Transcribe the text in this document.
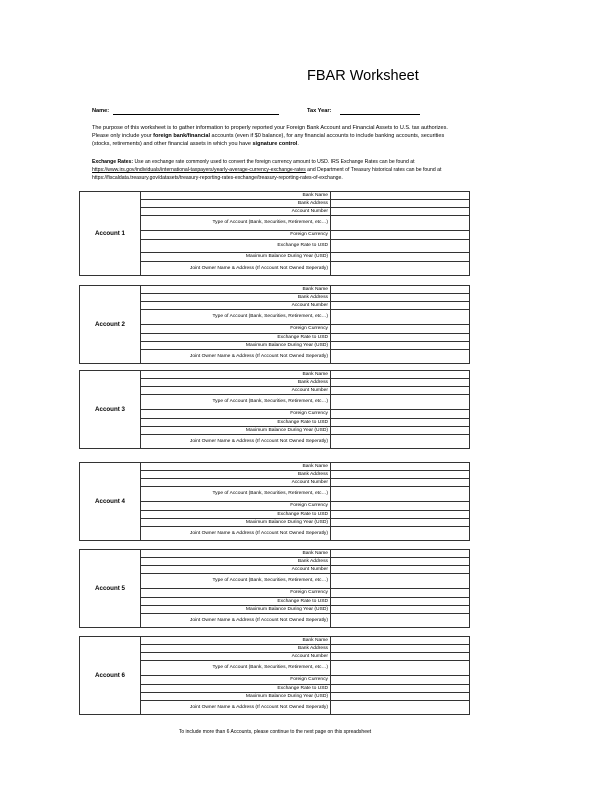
FBAR Worksheet
Name:	Tax Year:
The purpose of this worksheet is to gather information to properly reported your Foreign Bank Account and Financial Assets to U.S. tax authorizes. Please only include your foreign bank/financial accounts (even if $0 balance), for any financial accounts to include banking accounts, securities (stocks, retirements) and other financial assets in which you have signature control.
Exchange Rates: Use an exchange rate commonly used to convert the foreign currency amount to USD. IRS Exchange Rates can be found at https://www.irs.gov/individuals/international-taxpayers/yearly-average-currency-exchange-rates and Department of Treasury historical rates can be found at https://fiscaldata.treasury.gov/datasets/treasury-reporting-rates-exchange/treasury-reporting-rates-of-exchange.
Account 1
Bank Name
Bank Address
Account Number
Type of Account (Bank, Securities, Retirement, etc…)
Foreign Currency
Exchange Rate to USD
Maximum Balance During Year (USD)
Joint Owner Name & Address (If Account Not Owned Seperatly)
Account 2
Bank Name
Bank Address
Account Number
Type of Account (Bank, Securities, Retirement, etc…)
Foreign Currency
Exchange Rate to USD
Maximum Balance During Year (USD)
Joint Owner Name & Address (If Account Not Owned Seperatly)
Account 3
Bank Name
Bank Address
Account Number
Type of Account (Bank, Securities, Retirement, etc…)
Foreign Currency
Exchange Rate to USD
Maximum Balance During Year (USD)
Joint Owner Name & Address (If Account Not Owned Seperatly)
Account 4
Bank Name
Bank Address
Account Number
Type of Account (Bank, Securities, Retirement, etc…)
Foreign Currency
Exchange Rate to USD
Maximum Balance During Year (USD)
Joint Owner Name & Address (If Account Not Owned Seperatly)
Account 5
Bank Name
Bank Address
Account Number
Type of Account (Bank, Securities, Retirement, etc…)
Foreign Currency
Exchange Rate to USD
Maximum Balance During Year (USD)
Joint Owner Name & Address (If Account Not Owned Seperatly)
Account 6
Bank Name
Bank Address
Account Number
Type of Account (Bank, Securities, Retirement, etc…)
Foreign Currency
Exchange Rate to USD
Maximum Balance During Year (USD)
Joint Owner Name & Address (If Account Not Owned Seperatly)
To include more than 6 Accounts, please continue to the next page on this spreadsheet
